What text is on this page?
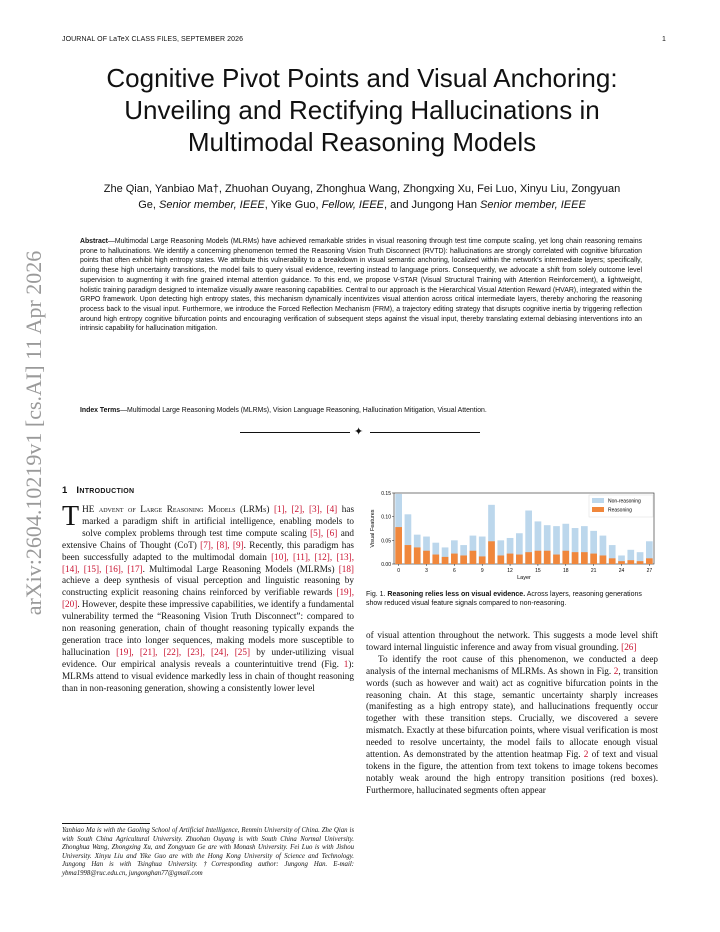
JOURNAL OF LaTeX CLASS FILES, SEPTEMBER 2026	1
arXiv:2604.10219v1 [cs.AI] 11 Apr 2026
Cognitive Pivot Points and Visual Anchoring: Unveiling and Rectifying Hallucinations in Multimodal Reasoning Models
Zhe Qian, Yanbiao Ma†, Zhuohan Ouyang, Zhonghua Wang, Zhongxing Xu, Fei Luo, Xinyu Liu, Zongyuan
Ge, Senior member, IEEE, Yike Guo, Fellow, IEEE, and Jungong Han Senior member, IEEE
Abstract—Multimodal Large Reasoning Models (MLRMs) have achieved remarkable strides in visual reasoning through test time compute scaling, yet long chain reasoning remains prone to hallucinations. We identify a concerning phenomenon termed the Reasoning Vision Truth Disconnect (RVTD): hallucinations are strongly correlated with cognitive bifurcation points that often exhibit high entropy states. We attribute this vulnerability to a breakdown in visual semantic anchoring, localized within the network's intermediate layers; specifically, during these high uncertainty transitions, the model fails to query visual evidence, reverting instead to language priors. Consequently, we advocate a shift from solely outcome level supervision to augmenting it with fine grained internal attention guidance. To this end, we propose V-STAR (Visual Structural Training with Attention Reinforcement), a lightweight, holistic training paradigm designed to internalize visually aware reasoning capabilities. Central to our approach is the Hierarchical Visual Attention Reward (HVAR), integrated within the GRPO framework. Upon detecting high entropy states, this mechanism dynamically incentivizes visual attention across critical intermediate layers, thereby anchoring the reasoning process back to the visual input. Furthermore, we introduce the Forced Reflection Mechanism (FRM), a trajectory editing strategy that disrupts cognitive inertia by triggering reflection around high entropy cognitive bifurcation points and encouraging verification of subsequent steps against the visual input, thereby translating external debiasing interventions into an intrinsic capability for hallucination mitigation.
Index Terms—Multimodal Large Reasoning Models (MLRMs), Vision Language Reasoning, Hallucination Mitigation, Visual Attention.
✦
1 Introduction

THE advent of Large Reasoning Models (LRMs) [1], [2], [3], [4] has marked a paradigm shift in artificial intelligence, enabling models to solve complex problems through test time compute scaling [5], [6] and extensive Chains of Thought (CoT) [7], [8], [9]. Recently, this paradigm has been successfully adapted to the multimodal domain [10], [11], [12], [13], [14], [15], [16], [17]. Multimodal Large Reasoning Models (MLRMs) [18] achieve a deep synthesis of visual perception and linguistic reasoning by constructing explicit reasoning chains reinforced by verifiable rewards [19], [20]. However, despite these impressive capabilities, we identify a fundamental vulnerability termed the “Reasoning Vision Truth Disconnect”: compared to non reasoning generation, chain of thought reasoning typically expands the generation trace into longer sequences, making models more susceptible to hallucination [19], [21], [22], [23], [24], [25] by under-utilizing visual evidence. Our empirical analysis reveals a counterintuitive trend (Fig. 1): MLRMs attend to visual evidence markedly less in chain of thought reasoning than in non-reasoning generation, showing a consistently lower level

Yanbiao Ma is with the Gaoling School of Artificial Intelligence, Renmin University of China. Zhe Qian is with South China Agricultural University. Zhuohan Ouyang is with South China Normal University. Zhonghua Wang, Zhongxing Xu, and Zongyuan Ge are with Monash University. Fei Luo is with Jishou University. Xinyu Liu and Yike Guo are with the Hong Kong University of Science and Technology. Jungong Han is with Tsinghua University. †Corresponding author: Jungong Han. E-mail: ybma1998@ruc.edu.cn, jungonghan77@gmail.com
0.00
0.05
0.10
0.15
0	3	6	9	12	15	18	21	24	27
Layer
Visual Features
Non-reasoning
Reasoning
Fig. 1. Reasoning relies less on visual evidence. Across layers, reasoning generations show reduced visual feature signals compared to non-reasoning.

of visual attention throughout the network. This suggests a mode level shift toward internal linguistic inference and away from visual grounding. [26]

To identify the root cause of this phenomenon, we conducted a deep analysis of the internal mechanisms of MLRMs. As shown in Fig. 2, transition words (such as however and wait) act as cognitive bifurcation points in the reasoning chain. At this stage, semantic uncertainty sharply increases (manifesting as a high entropy state), and hallucinations frequently occur together with these transition steps. Crucially, we discovered a severe mismatch. Exactly at these bifurcation points, where visual verification is most needed to resolve uncertainty, the model fails to allocate enough visual attention. As demonstrated by the attention heatmap Fig. 2 of text and visual tokens in the figure, the attention from text tokens to image tokens becomes notably weak around the high entropy transition positions (red boxes). Furthermore, hallucinated segments often appear
